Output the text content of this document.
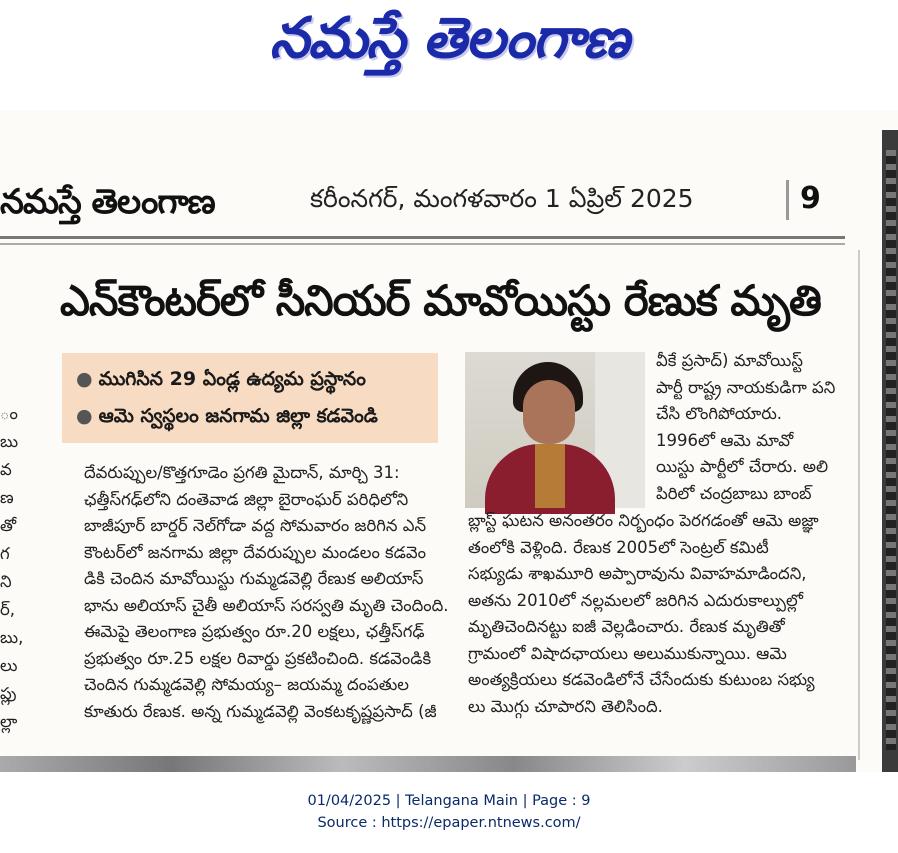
నమస్తే తెలంగాణ
నమస్తే తెలంగాణ	కరీంనగర్, మంగళవారం 1 ఏప్రిల్ 2025	9
ఎన్‌కౌంటర్‌లో సీనియర్ మావోయిస్టు రేణుక మృతి
● ముగిసిన 29 ఏండ్ల ఉద్యమ ప్రస్థానం
● ఆమె స్వస్థలం జనగామ జిల్లా కడవెండి
వీకే ప్రసాద్) మావోయిస్ట్
పార్టీ రాష్ట్ర నాయకుడిగా పని
చేసి లొంగిపోయారు.
1996లో ఆమె మావో
యిస్టు పార్టీలో చేరారు. అలి
పిరిలో చంద్రబాబు బాంబ్
దేవరుప్పుల/కొత్తగూడెం ప్రగతి మైదాన్, మార్చి 31:
ఛత్తీస్‌గఢ్‌లోని దంతెవాడ జిల్లా బైరాంఘర్ పరిధిలోని
బాజీపూర్ బార్డర్ నెల్‌గోడా వద్ద సోమవారం జరిగిన ఎన్
కౌంటర్‌లో జనగామ జిల్లా దేవరుప్పుల మండలం కడవెం
డికి చెందిన మావోయిస్టు గుమ్మడవెల్లి రేణుక అలియాస్
భాను అలియాస్ చైతీ అలియాస్ సరస్వతి మృతి చెందింది.
ఈమెపై తెలంగాణ ప్రభుత్వం రూ.20 లక్షలు, ఛత్తీస్‌గఢ్
ప్రభుత్వం రూ.25 లక్షల రివార్డు ప్రకటించింది. కడవెండికి
చెందిన గుమ్మడవెల్లి సోమయ్య– జయమ్మ దంపతుల
కూతురు రేణుక. అన్న గుమ్మడవెల్లి వెంకటకృష్ణప్రసాద్ (జీ
బ్లాస్ట్ ఘటన అనంతరం నిర్బంధం పెరగడంతో ఆమె అజ్ఞా
తంలోకి వెళ్లింది. రేణుక 2005లో సెంట్రల్ కమిటీ
సభ్యుడు శాఖమూరి అప్పారావును వివాహమాడిందని,
అతను 2010లో నల్లమలలో జరిగిన ఎదురుకాల్పుల్లో
మృతిచెందినట్టు ఐజీ వెల్లడించారు. రేణుక మృతితో
గ్రామంలో విషాదఛాయలు అలుముకున్నాయి. ఆమె
అంత్యక్రియలు కడవెండిలోనే చేసేందుకు కుటుంబ సభ్యు
లు మొగ్గు చూపారని తెలిసింది.
ం
బు
వ
ణ
తో
గ
ని
ర్,
బు,
లు
ప్లు
ల్లా
01/04/2025 | Telangana Main | Page : 9
Source : https://epaper.ntnews.com/
